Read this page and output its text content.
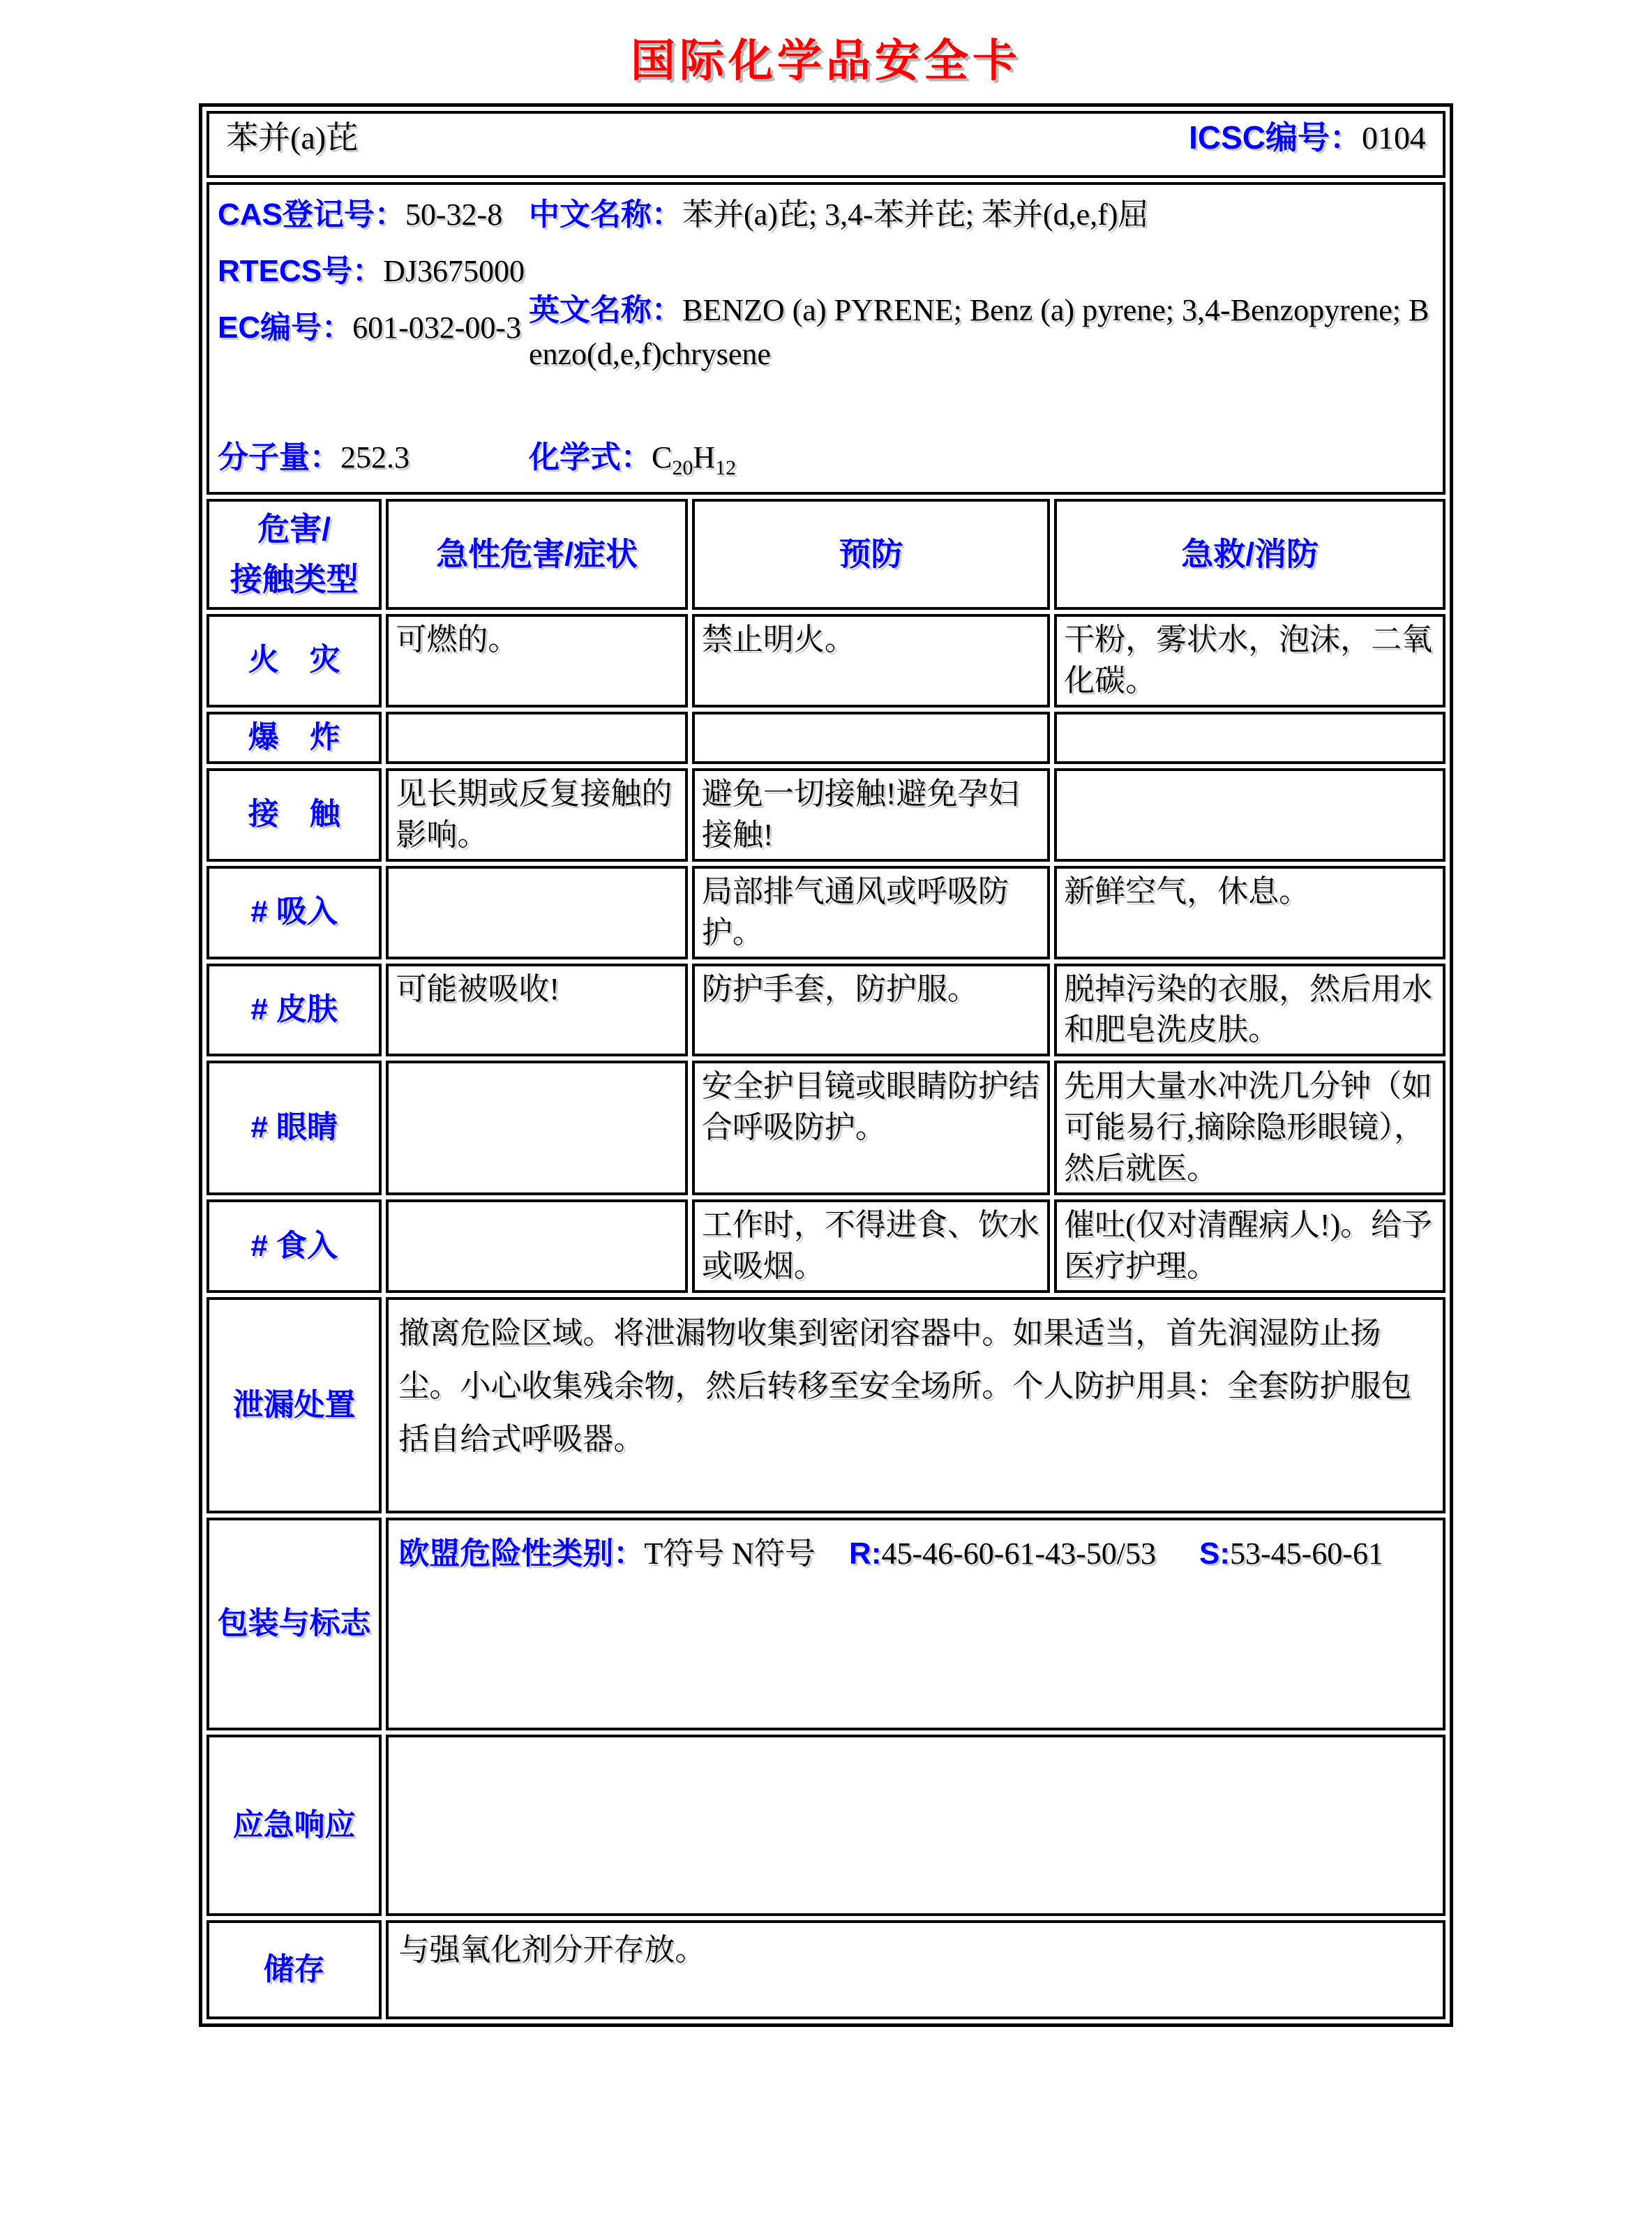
国际化学品安全卡
苯并(a)芘 ICSC编号：0104			

CAS登记号：50-32-8
RTECS号：DJ3675000
EC编号：601-032-00-3
中文名称：苯并(a)芘; 3,4-苯并芘; 苯并(d,e,f)屈
英文名称：BENZO (a) PYRENE; Benz (a) pyrene; 3,4-Benzopyrene; Benzo(d,e,f)chrysene
分子量：252.3	化学式：$C_{20}H_{12}$

危害/接触类型	急性危害/症状	预防	急救/消防
火　灾	可燃的。	禁止明火。	干粉，雾状水，泡沫，二氧化碳。
爆　炸			
接　触	见长期或反复接触的影响。	避免一切接触!避免孕妇接触!	
# 吸入		局部排气通风或呼吸防护。	新鲜空气，休息。
# 皮肤	可能被吸收!	防护手套，防护服。	脱掉污染的衣服，然后用水和肥皂洗皮肤。
# 眼睛		安全护目镜或眼睛防护结合呼吸防护。	先用大量水冲洗几分钟（如可能易行,摘除隐形眼镜），然后就医。
# 食入		工作时，不得进食、饮水或吸烟。	催吐(仅对清醒病人!)。给予医疗护理。
泄漏处置	撤离危险区域。将泄漏物收集到密闭容器中。如果适当，首先润湿防止扬尘。小心收集残余物，然后转移至安全场所。个人防护用具：全套防护服包括自给式呼吸器。		
包装与标志	欧盟危险性类别：T符号 N符号 R:45-46-60-61-43-50/53 S:53-45-60-61		
应急响应			
储存	与强氧化剂分开存放。		
